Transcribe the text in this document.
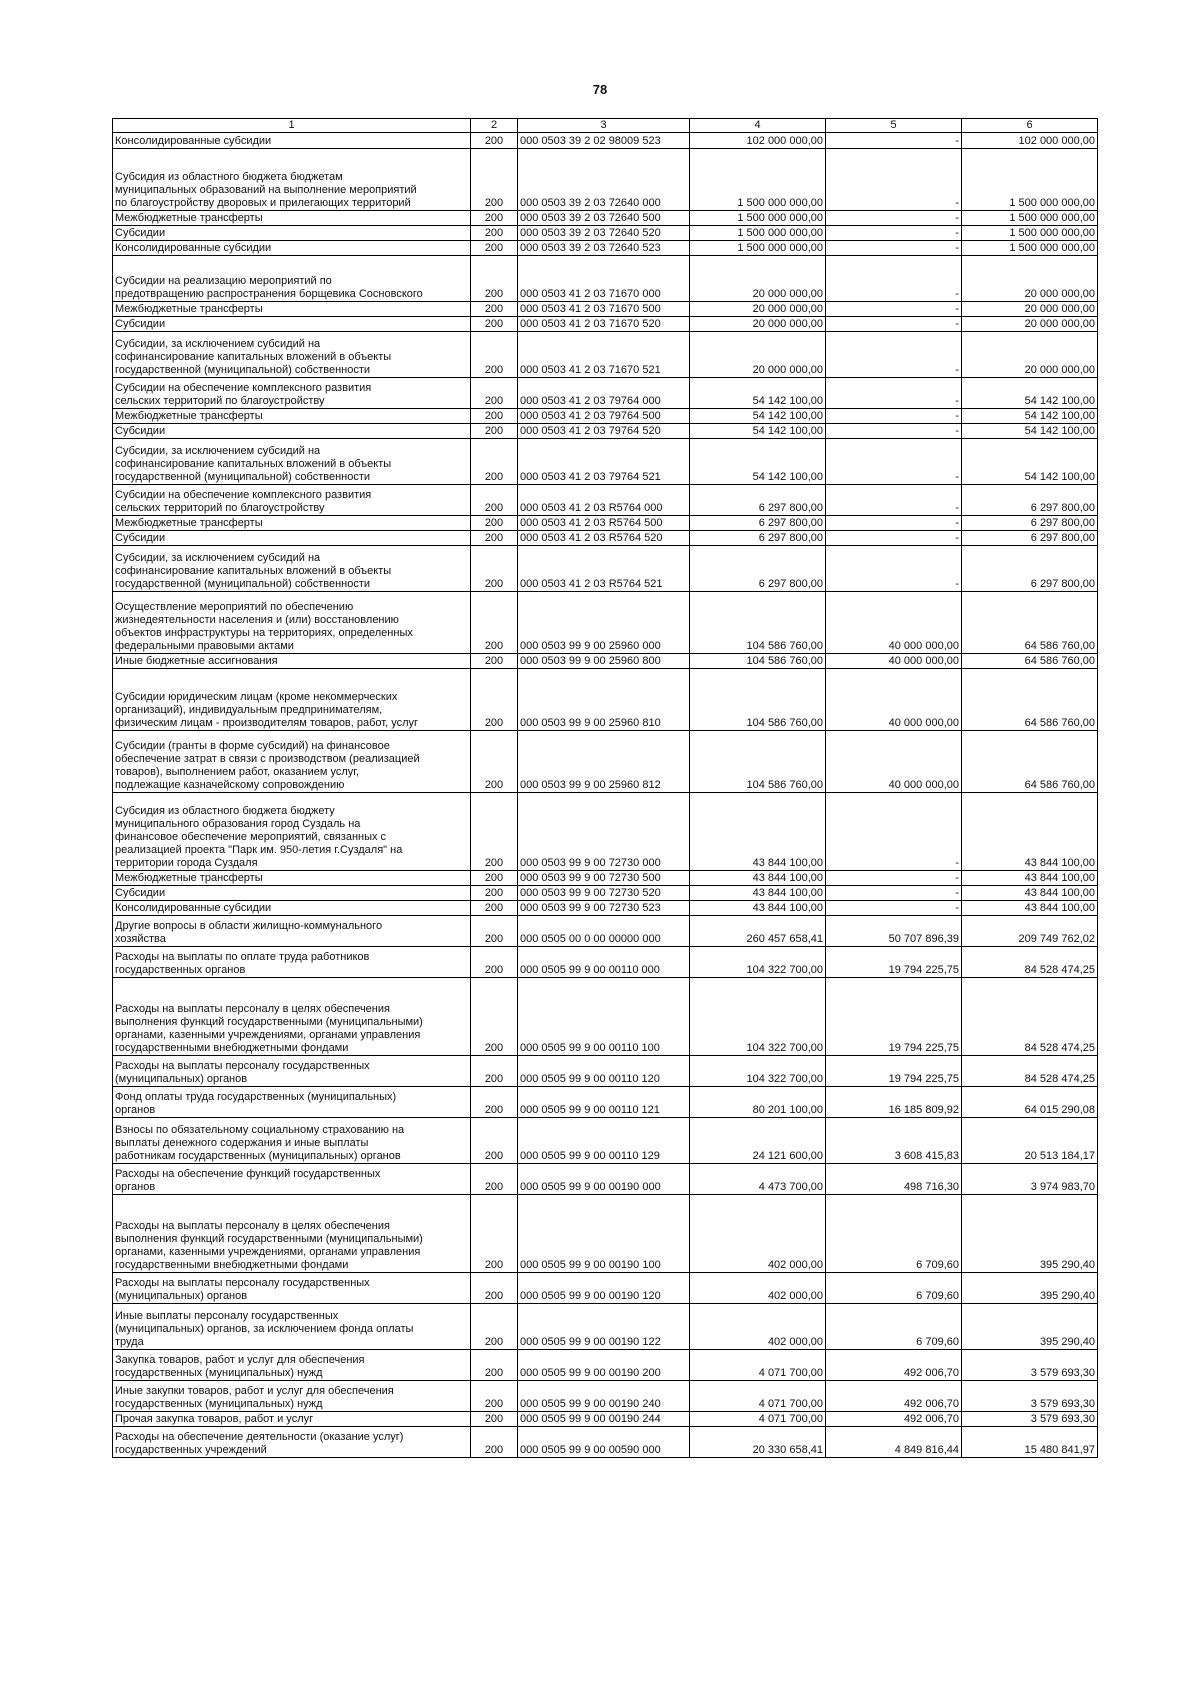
78
1	2	3	4	5	6
Консолидированные субсидии	200	000 0503 39 2 02 98009 523	102 000 000,00	-	102 000 000,00
Субсидия из областного бюджета бюджетам
муниципальных образований на выполнение мероприятий
по благоустройству дворовых и прилегающих территорий	200	000 0503 39 2 03 72640 000	1 500 000 000,00	-	1 500 000 000,00
Межбюджетные трансферты	200	000 0503 39 2 03 72640 500	1 500 000 000,00	-	1 500 000 000,00
Субсидии	200	000 0503 39 2 03 72640 520	1 500 000 000,00	-	1 500 000 000,00
Консолидированные субсидии	200	000 0503 39 2 03 72640 523	1 500 000 000,00	-	1 500 000 000,00
Субсидии на реализацию мероприятий по
предотвращению распространения борщевика Сосновского	200	000 0503 41 2 03 71670 000	20 000 000,00	-	20 000 000,00
Межбюджетные трансферты	200	000 0503 41 2 03 71670 500	20 000 000,00	-	20 000 000,00
Субсидии	200	000 0503 41 2 03 71670 520	20 000 000,00	-	20 000 000,00
Субсидии, за исключением субсидий на
софинансирование капитальных вложений в объекты
государственной (муниципальной) собственности	200	000 0503 41 2 03 71670 521	20 000 000,00	-	20 000 000,00
Субсидии на обеспечение комплексного развития
сельских территорий по благоустройству	200	000 0503 41 2 03 79764 000	54 142 100,00	-	54 142 100,00
Межбюджетные трансферты	200	000 0503 41 2 03 79764 500	54 142 100,00	-	54 142 100,00
Субсидии	200	000 0503 41 2 03 79764 520	54 142 100,00	-	54 142 100,00
Субсидии, за исключением субсидий на
софинансирование капитальных вложений в объекты
государственной (муниципальной) собственности	200	000 0503 41 2 03 79764 521	54 142 100,00	-	54 142 100,00
Субсидии на обеспечение комплексного развития
сельских территорий по благоустройству	200	000 0503 41 2 03 R5764 000	6 297 800,00	-	6 297 800,00
Межбюджетные трансферты	200	000 0503 41 2 03 R5764 500	6 297 800,00	-	6 297 800,00
Субсидии	200	000 0503 41 2 03 R5764 520	6 297 800,00	-	6 297 800,00
Субсидии, за исключением субсидий на
софинансирование капитальных вложений в объекты
государственной (муниципальной) собственности	200	000 0503 41 2 03 R5764 521	6 297 800,00	-	6 297 800,00
Осуществление мероприятий по обеспечению
жизнедеятельности населения и (или) восстановлению
объектов инфраструктуры на территориях, определенных
федеральными правовыми актами	200	000 0503 99 9 00 25960 000	104 586 760,00	40 000 000,00	64 586 760,00
Иные бюджетные ассигнования	200	000 0503 99 9 00 25960 800	104 586 760,00	40 000 000,00	64 586 760,00
Субсидии юридическим лицам (кроме некоммерческих
организаций), индивидуальным предпринимателям,
физическим лицам - производителям товаров, работ, услуг	200	000 0503 99 9 00 25960 810	104 586 760,00	40 000 000,00	64 586 760,00
Субсидии (гранты в форме субсидий) на финансовое
обеспечение затрат в связи с производством (реализацией
товаров), выполнением работ, оказанием услуг,
подлежащие казначейскому сопровождению	200	000 0503 99 9 00 25960 812	104 586 760,00	40 000 000,00	64 586 760,00
Субсидия из областного бюджета бюджету
муниципального образования город Суздаль на
финансовое обеспечение мероприятий, связанных с
реализацией проекта "Парк им. 950-летия г.Суздаля" на
территории города Суздаля	200	000 0503 99 9 00 72730 000	43 844 100,00	-	43 844 100,00
Межбюджетные трансферты	200	000 0503 99 9 00 72730 500	43 844 100,00	-	43 844 100,00
Субсидии	200	000 0503 99 9 00 72730 520	43 844 100,00	-	43 844 100,00
Консолидированные субсидии	200	000 0503 99 9 00 72730 523	43 844 100,00	-	43 844 100,00
Другие вопросы в области жилищно-коммунального
хозяйства	200	000 0505 00 0 00 00000 000	260 457 658,41	50 707 896,39	209 749 762,02
Расходы на выплаты по оплате труда работников
государственных органов	200	000 0505 99 9 00 00110 000	104 322 700,00	19 794 225,75	84 528 474,25
Расходы на выплаты персоналу в целях обеспечения
выполнения функций государственными (муниципальными)
органами, казенными учреждениями, органами управления
государственными внебюджетными фондами	200	000 0505 99 9 00 00110 100	104 322 700,00	19 794 225,75	84 528 474,25
Расходы на выплаты персоналу государственных
(муниципальных) органов	200	000 0505 99 9 00 00110 120	104 322 700,00	19 794 225,75	84 528 474,25
Фонд оплаты труда государственных (муниципальных)
органов	200	000 0505 99 9 00 00110 121	80 201 100,00	16 185 809,92	64 015 290,08
Взносы по обязательному социальному страхованию на
выплаты денежного содержания и иные выплаты
работникам государственных (муниципальных) органов	200	000 0505 99 9 00 00110 129	24 121 600,00	3 608 415,83	20 513 184,17
Расходы на обеспечение функций государственных
органов	200	000 0505 99 9 00 00190 000	4 473 700,00	498 716,30	3 974 983,70
Расходы на выплаты персоналу в целях обеспечения
выполнения функций государственными (муниципальными)
органами, казенными учреждениями, органами управления
государственными внебюджетными фондами	200	000 0505 99 9 00 00190 100	402 000,00	6 709,60	395 290,40
Расходы на выплаты персоналу государственных
(муниципальных) органов	200	000 0505 99 9 00 00190 120	402 000,00	6 709,60	395 290,40
Иные выплаты персоналу государственных
(муниципальных) органов, за исключением фонда оплаты
труда	200	000 0505 99 9 00 00190 122	402 000,00	6 709,60	395 290,40
Закупка товаров, работ и услуг для обеспечения
государственных (муниципальных) нужд	200	000 0505 99 9 00 00190 200	4 071 700,00	492 006,70	3 579 693,30
Иные закупки товаров, работ и услуг для обеспечения
государственных (муниципальных) нужд	200	000 0505 99 9 00 00190 240	4 071 700,00	492 006,70	3 579 693,30
Прочая закупка товаров, работ и услуг	200	000 0505 99 9 00 00190 244	4 071 700,00	492 006,70	3 579 693,30
Расходы на обеспечение деятельности (оказание услуг)
государственных учреждений	200	000 0505 99 9 00 00590 000	20 330 658,41	4 849 816,44	15 480 841,97
